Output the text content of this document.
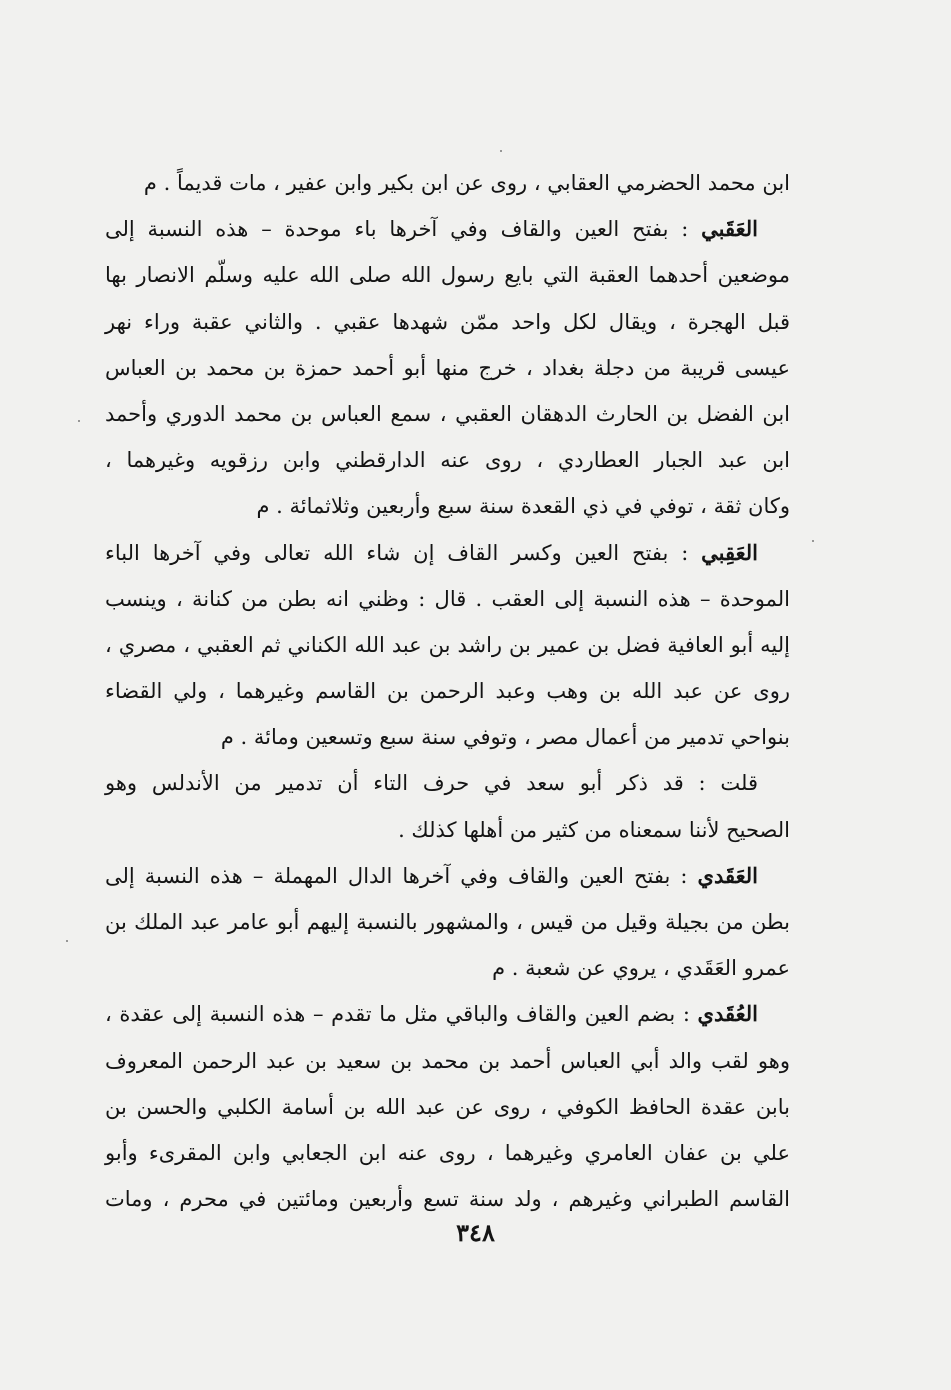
ابن محمد الحضرمي العقابي ، روى عن ابن بكير وابن عفير ، مات قديماً . م
العَقَبي : بفتح العين والقاف وفي آخرها باء موحدة – هذه النسبة إلى
موضعين أحدهما العقبة التي بايع رسول الله صلى الله عليه وسلّم الانصار بها
قبل الهجرة ، ويقال لكل واحد ممّن شهدها عقبي . والثاني عقبة وراء نهر
عيسى قريبة من دجلة بغداد ، خرج منها أبو أحمد حمزة بن محمد بن العباس
ابن الفضل بن الحارث الدهقان العقبي ، سمع العباس بن محمد الدوري وأحمد
ابن عبد الجبار العطاردي ، روى عنه الدارقطني وابن رزقويه وغيرهما ،
وكان ثقة ، توفي في ذي القعدة سنة سبع وأربعين وثلاثمائة . م
العَقِبي : بفتح العين وكسر القاف إن شاء الله تعالى وفي آخرها الباء
الموحدة – هذه النسبة إلى العقب . قال : وظني انه بطن من كنانة ، وينسب
إليه أبو العافية فضل بن عمير بن راشد بن عبد الله الكناني ثم العقبي ، مصري ،
روى عن عبد الله بن وهب وعبد الرحمن بن القاسم وغيرهما ، ولي القضاء
بنواحي تدمير من أعمال مصر ، وتوفي سنة سبع وتسعين ومائة . م
قلت : قد ذكر أبو سعد في حرف التاء أن تدمير من الأندلس وهو
الصحيح لأننا سمعناه من كثير من أهلها كذلك .
العَقَدي : بفتح العين والقاف وفي آخرها الدال المهملة – هذه النسبة إلى
بطن من بجيلة وقيل من قيس ، والمشهور بالنسبة إليهم أبو عامر عبد الملك بن
عمرو العَقَدي ، يروي عن شعبة . م
العُقَدي : بضم العين والقاف والباقي مثل ما تقدم – هذه النسبة إلى عقدة ،
وهو لقب والد أبي العباس أحمد بن محمد بن سعيد بن عبد الرحمن المعروف
بابن عقدة الحافظ الكوفي ، روى عن عبد الله بن أسامة الكلبي والحسن بن
علي بن عفان العامري وغيرهما ، روى عنه ابن الجعابي وابن المقرىء وأبو
القاسم الطبراني وغيرهم ، ولد سنة تسع وأربعين ومائتين في محرم ، ومات
٣٤٨
